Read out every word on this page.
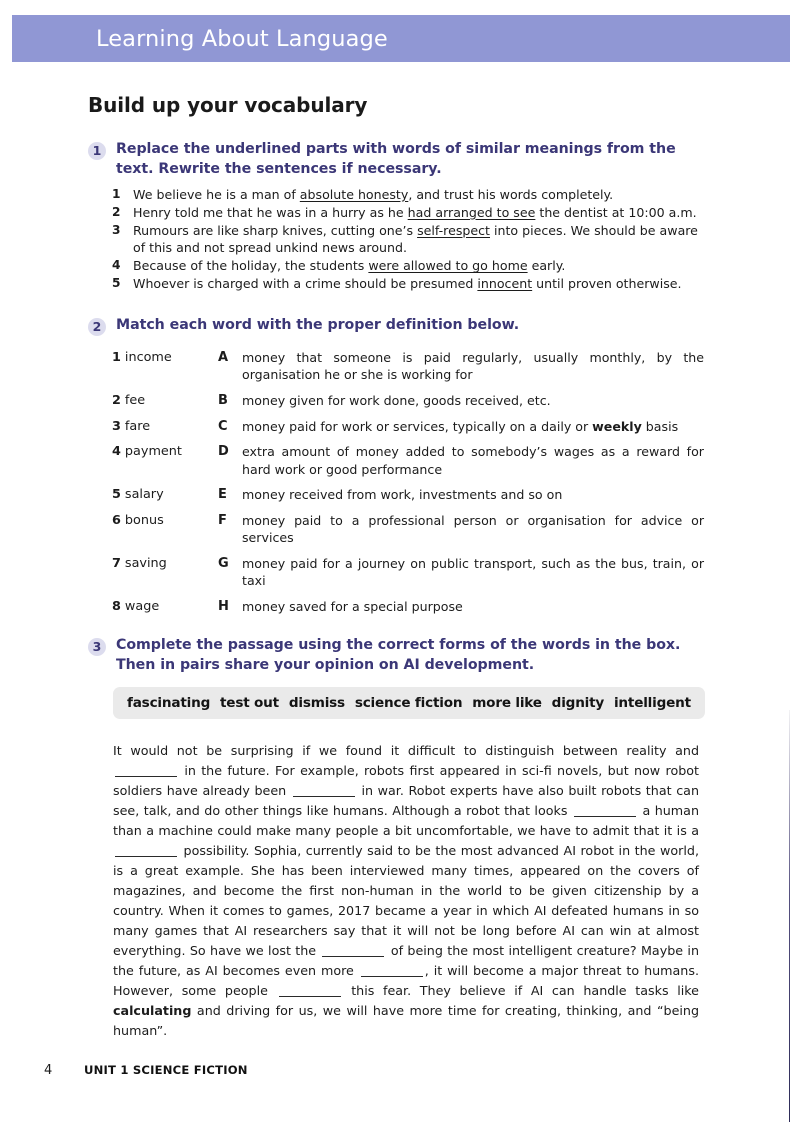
Learning About Language
Build up your vocabulary
1	Replace the underlined parts with words of similar meanings from the text. Rewrite the sentences if necessary.
1 We believe he is a man of absolute honesty, and trust his words completely.
2 Henry told me that he was in a hurry as he had arranged to see the dentist at 10:00 a.m.
3 Rumours are like sharp knives, cutting one’s self-respect into pieces. We should be aware of this and not spread unkind news around.
4 Because of the holiday, the students were allowed to go home early.
5 Whoever is charged with a crime should be presumed innocent until proven otherwise.
2	Match each word with the proper definition below.
1 income	A	money that someone is paid regularly, usually monthly, by the organisation he or she is working for
2 fee	B	money given for work done, goods received, etc.
3 fare	C	money paid for work or services, typically on a daily or weekly basis
4 payment	D	extra amount of money added to somebody’s wages as a reward for hard work or good performance
5 salary	E	money received from work, investments and so on
6 bonus	F	money paid to a professional person or organisation for advice or services
7 saving	G	money paid for a journey on public transport, such as the bus, train, or taxi
8 wage	H	money saved for a special purpose
3	Complete the passage using the correct forms of the words in the box. Then in pairs share your opinion on AI development.
fascinating test out dismiss science fiction more like dignity intelligent
It would not be surprising if we found it difficult to distinguish between reality and  in the future. For example, robots first appeared in sci-fi novels, but now robot soldiers have already been	in war. Robot experts have also built robots that can see, talk, and do other things like humans. Although a robot that looks	a human than a machine could make many people a bit uncomfortable, we have to admit that it is a  possibility. Sophia, currently said to be the most advanced AI robot in the world, is a great example. She has been interviewed many times, appeared on the covers of magazines, and become the first non-human in the world to be given citizenship by a country. When it comes to games, 2017 became a year in which AI defeated humans in so many games that AI researchers say that it will not be long before AI can win at almost everything. So have we lost the	of being the most intelligent creature? Maybe in the future, as AI becomes even more	, it will become a major threat to humans. However, some people	this fear. They believe if AI can handle tasks like calculating and driving for us, we will have more time for creating, thinking, and “being human”.
4	UNIT 1 SCIENCE FICTION
